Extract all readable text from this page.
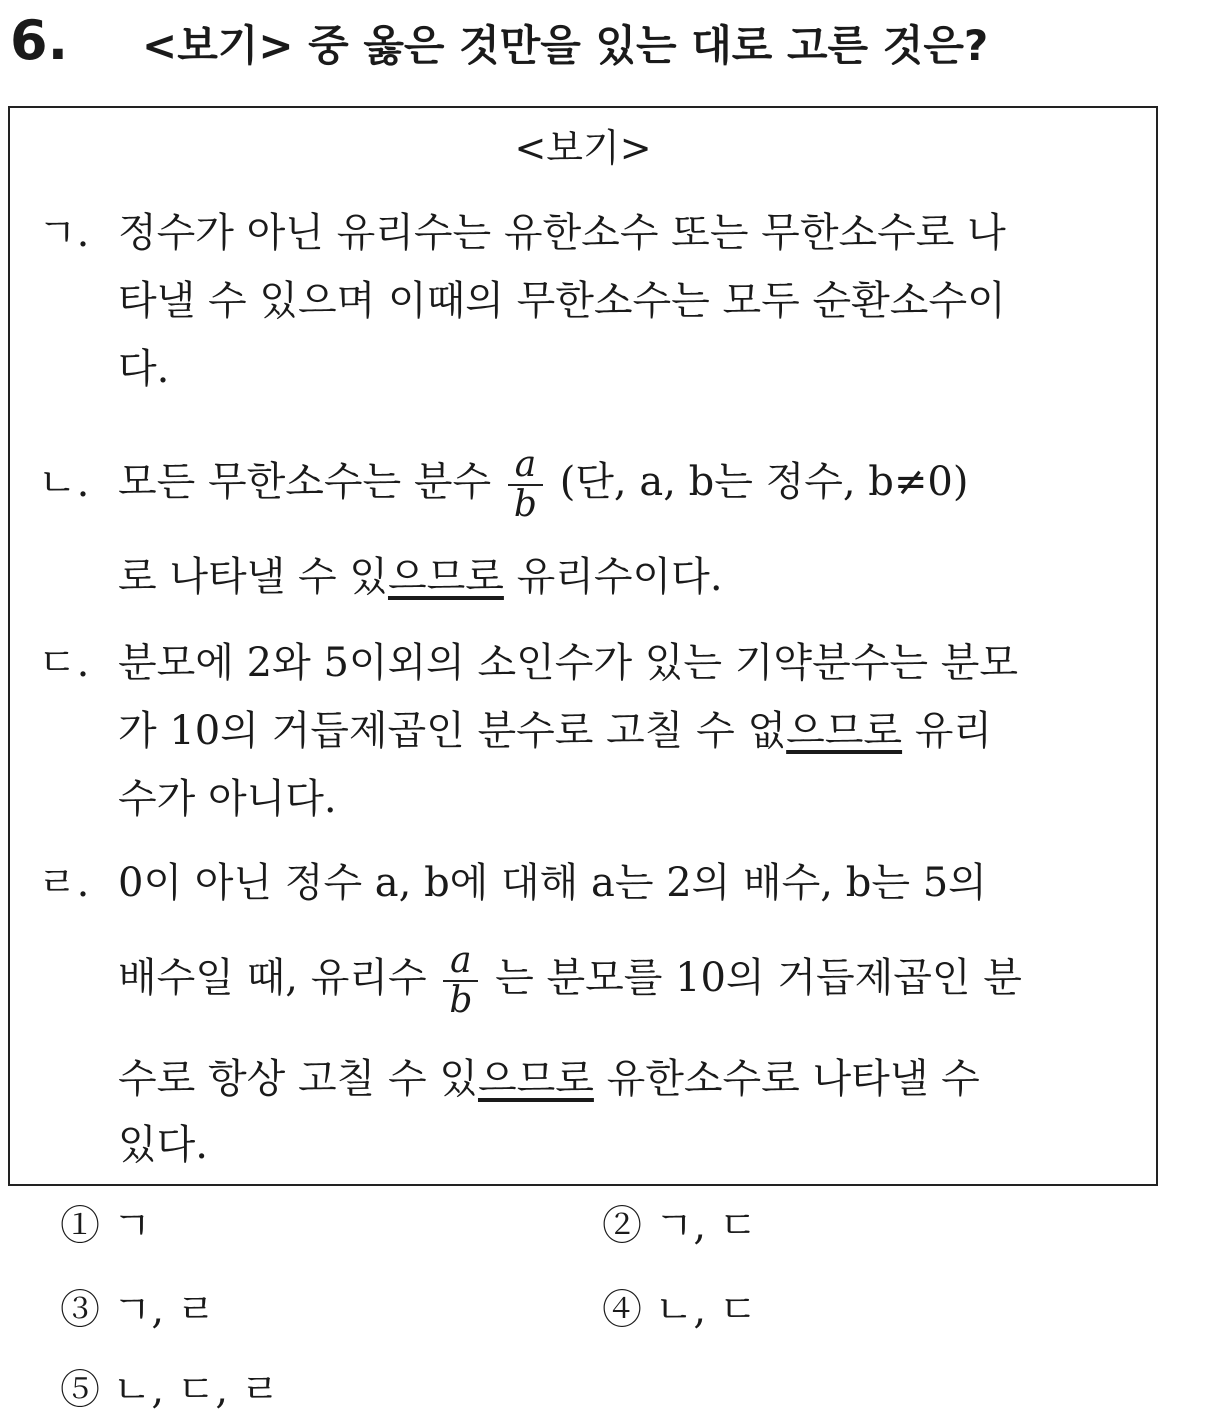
6. <보기> 중 옳은 것만을 있는 대로 고른 것은?
<보기>
ㄱ. 정수가 아닌 유리수는 유한소수 또는 무한소수로 나
타낼 수 있으며 이때의 무한소수는 모두 순환소수이
다.
ㄴ. 모든 무한소수는 분수 $\frac{a}{b}$ (단, a, b는 정수, b≠0)
로 나타낼 수 있으므로 유리수이다.
ㄷ. 분모에 2와 5이외의 소인수가 있는 기약분수는 분모
가 10의 거듭제곱인 분수로 고칠 수 없으므로 유리
수가 아니다.
ㄹ. 0이 아닌 정수 a, b에 대해 a는 2의 배수, b는 5의
배수일 때, 유리수 $\frac{a}{b}$ 는 분모를 10의 거듭제곱인 분
수로 항상 고칠 수 있으므로 유한소수로 나타낼 수
있다.
① ㄱ	② ㄱ, ㄷ
③ ㄱ, ㄹ	④ ㄴ, ㄷ
⑤ ㄴ, ㄷ, ㄹ
